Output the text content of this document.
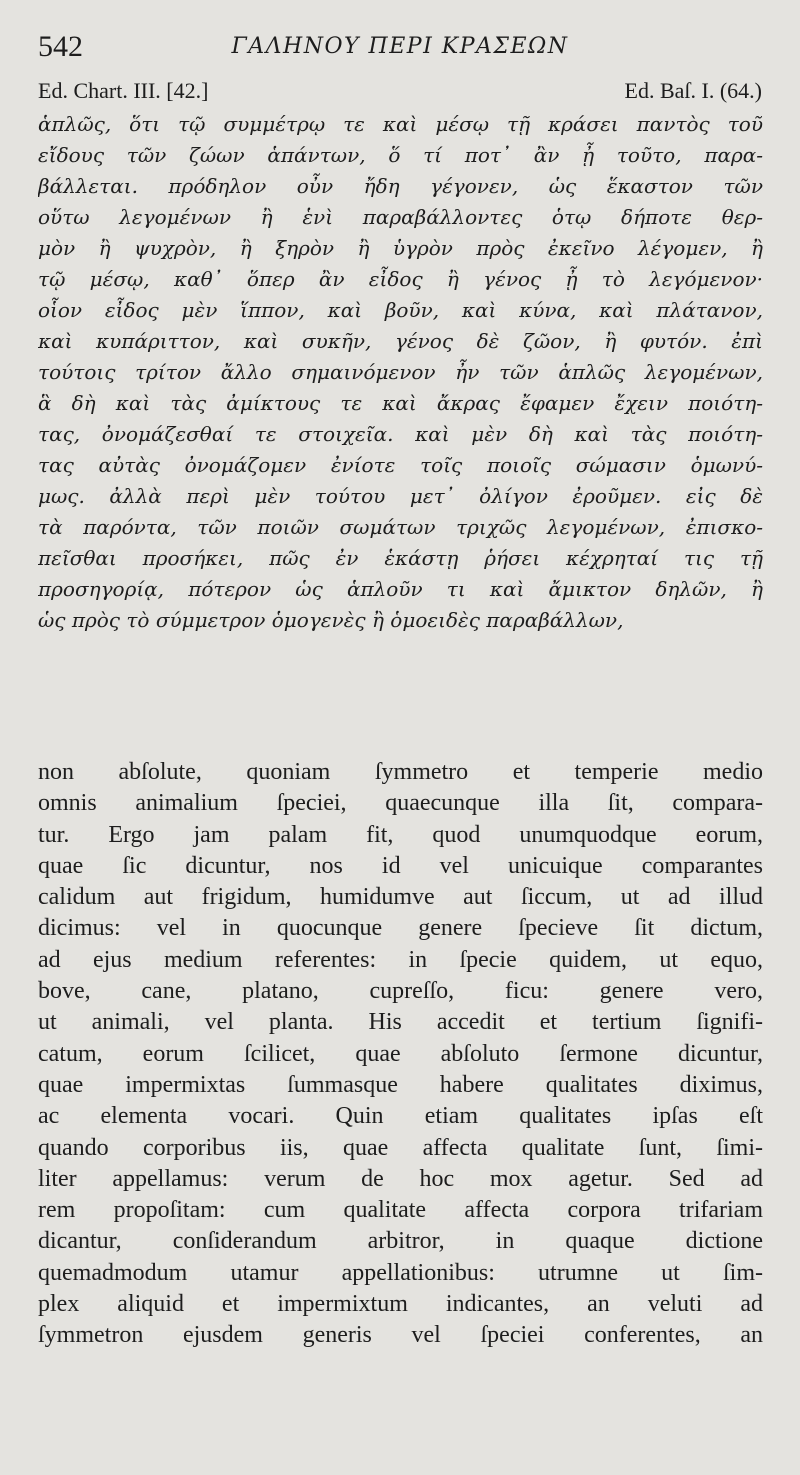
542	ΓΑΛΗΝΟΥ ΠΕΡΙ ΚΡΑΣΕΩΝ
Ed. Chart. III. [42.]	Ed. Baſ. I. (64.)
ἁπλῶς, ὅτι τῷ συμμέτρῳ τε καὶ μέσῳ τῇ κράσει παντὸς τοῦ
εἴδους τῶν ζώων ἁπάντων, ὅ τί ποτ᾽ ἂν ᾖ τοῦτο, παρα-
βάλλεται. πρόδηλον οὖν ἤδη γέγονεν, ὡς ἕκαστον τῶν
οὕτω λεγομένων ἢ ἑνὶ παραβάλλοντες ὁτῳ δήποτε θερ-
μὸν ἢ ψυχρὸν, ἢ ξηρὸν ἢ ὑγρὸν πρὸς ἐκεῖνο λέγομεν, ἢ
τῷ μέσῳ, καθ᾽ ὅπερ ἂν εἶδος ἢ γένος ᾖ τὸ λεγόμενον·
οἷον εἶδος μὲν ἵππον, καὶ βοῦν, καὶ κύνα, καὶ πλάτανον,
καὶ κυπάριττον, καὶ συκῆν, γένος δὲ ζῶον, ἢ φυτόν. ἐπὶ
τούτοις τρίτον ἄλλο σημαινόμενον ἦν τῶν ἁπλῶς λεγομένων,
ἃ δὴ καὶ τὰς ἀμίκτους τε καὶ ἄκρας ἔφαμεν ἔχειν ποιότη-
τας, ὀνομάζεσθαί τε στοιχεῖα. καὶ μὲν δὴ καὶ τὰς ποιότη-
τας αὐτὰς ὀνομάζομεν ἐνίοτε τοῖς ποιοῖς σώμασιν ὁμωνύ-
μως. ἀλλὰ περὶ μὲν τούτου μετ᾽ ὀλίγον ἐροῦμεν. εἰς δὲ
τὰ παρόντα, τῶν ποιῶν σωμάτων τριχῶς λεγομένων, ἐπισκο-
πεῖσθαι προσήκει, πῶς ἐν ἑκάστῃ ῥήσει κέχρηταί τις τῇ
προσηγορίᾳ, πότερον ὡς ἁπλοῦν τι καὶ ἄμικτον δηλῶν, ἢ
ὡς πρὸς τὸ σύμμετρον ὁμογενὲς ἢ ὁμοειδὲς παραβάλλων,
non abſolute, quoniam ſymmetro et temperie medio
omnis animalium ſpeciei, quaecunque illa ſit, compara-
tur. Ergo jam palam fit, quod unumquodque eorum,
quae ſic dicuntur, nos id vel unicuique comparantes
calidum aut frigidum, humidumve aut ſiccum, ut ad illud
dicimus: vel in quocunque genere ſpecieve ſit dictum,
ad ejus medium referentes: in ſpecie quidem, ut equo,
bove, cane, platano, cupreſſo, ficu: genere vero,
ut animali, vel planta. His accedit et tertium ſignifi-
catum, eorum ſcilicet, quae abſoluto ſermone dicuntur,
quae impermixtas ſummasque habere qualitates diximus,
ac elementa vocari. Quin etiam qualitates ipſas eſt
quando corporibus iis, quae affecta qualitate ſunt, ſimi-
liter appellamus: verum de hoc mox agetur. Sed ad
rem propoſitam: cum qualitate affecta corpora trifariam
dicantur, conſiderandum arbitror, in quaque dictione
quemadmodum utamur appellationibus: utrumne ut ſim-
plex aliquid et impermixtum indicantes, an veluti ad
ſymmetron ejusdem generis vel ſpeciei conferentes, an
